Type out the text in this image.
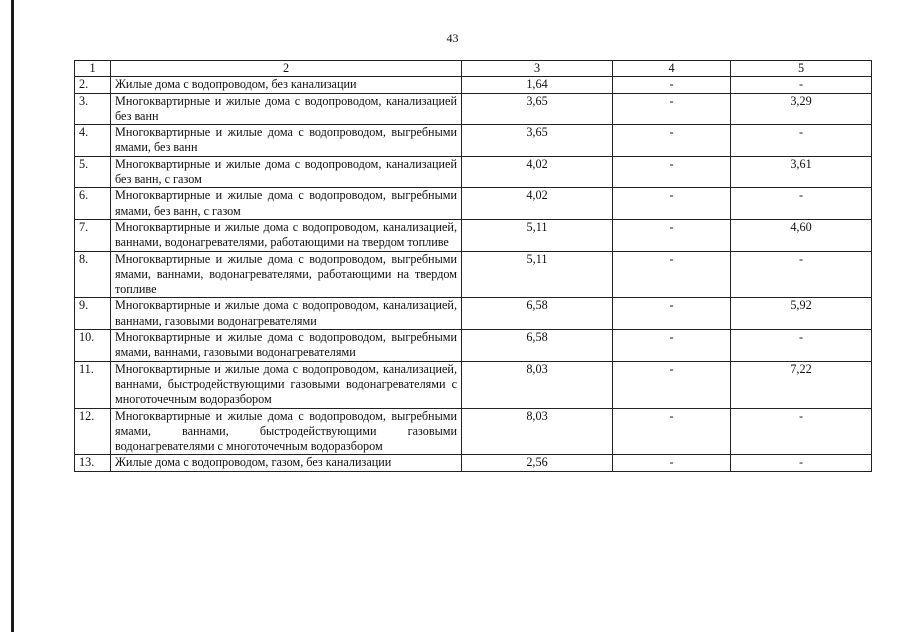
43
1	2	3	4	5
2.	Жилые дома с водопроводом, без канализации	1,64	-	-
3.	Многоквартирные и жилые дома с водопроводом, канализацией без ванн	3,65	-	3,29
4.	Многоквартирные и жилые дома с водопроводом, выгребными ямами, без ванн	3,65	-	-
5.	Многоквартирные и жилые дома с водопроводом, канализацией без ванн, с газом	4,02	-	3,61
6.	Многоквартирные и жилые дома с водопроводом, выгребными ямами, без ванн, с газом	4,02	-	-
7.	Многоквартирные и жилые дома с водопроводом, канализацией, ваннами, водонагревателями, работающими на твердом топливе	5,11	-	4,60
8.	Многоквартирные и жилые дома с водопроводом, выгребными ямами, ваннами, водонагревателями, работающими на твердом топливе	5,11	-	-
9.	Многоквартирные и жилые дома с водопроводом, канализацией, ваннами, газовыми водонагревателями	6,58	-	5,92
10.	Многоквартирные и жилые дома с водопроводом, выгребными ямами, ваннами, газовыми водонагревателями	6,58	-	-
11.	Многоквартирные и жилые дома с водопроводом, канализацией, ваннами, быстродействующими газовыми водонагревателями с многоточечным водоразбором	8,03	-	7,22
12.	Многоквартирные и жилые дома с водопроводом, выгребными ямами, ваннами, быстродействующими газовыми водонагревателями с многоточечным водоразбором	8,03	-	-
13.	Жилые дома с водопроводом, газом, без канализации	2,56	-	-
